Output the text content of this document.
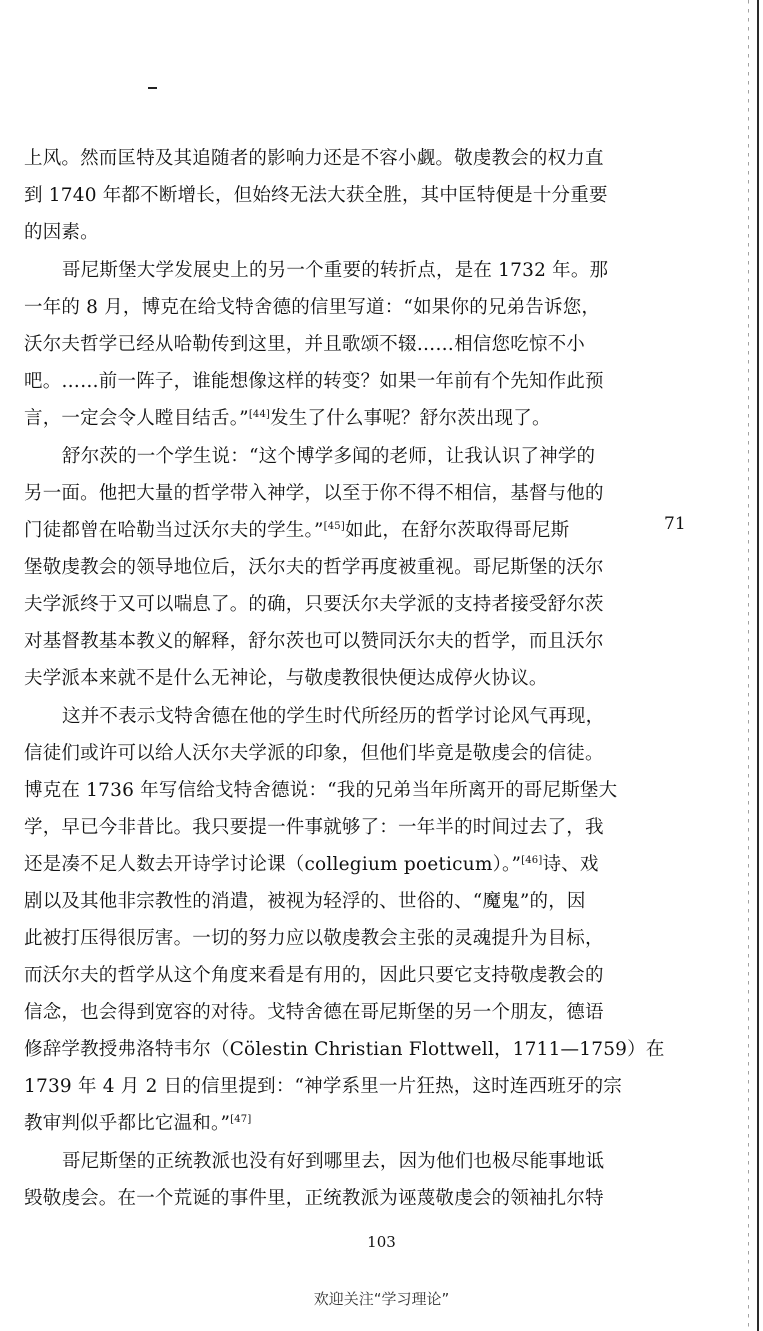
上风。然而匡特及其追随者的影响力还是不容小觑。敬虔教会的权力直
到 1740 年都不断增长，但始终无法大获全胜，其中匡特便是十分重要
的因素。
哥尼斯堡大学发展史上的另一个重要的转折点，是在 1732 年。那
一年的 8 月，博克在给戈特舍德的信里写道：“如果你的兄弟告诉您，
沃尔夫哲学已经从哈勒传到这里，并且歌颂不辍……相信您吃惊不小
吧。……前一阵子，谁能想像这样的转变？如果一年前有个先知作此预
言，一定会令人瞠目结舌。”[44]发生了什么事呢？舒尔茨出现了。
舒尔茨的一个学生说：“这个博学多闻的老师，让我认识了神学的
另一面。他把大量的哲学带入神学，以至于你不得不相信，基督与他的
门徒都曾在哈勒当过沃尔夫的学生。”[45]如此，在舒尔茨取得哥尼斯
堡敬虔教会的领导地位后，沃尔夫的哲学再度被重视。哥尼斯堡的沃尔
夫学派终于又可以喘息了。的确，只要沃尔夫学派的支持者接受舒尔茨
对基督教基本教义的解释，舒尔茨也可以赞同沃尔夫的哲学，而且沃尔
夫学派本来就不是什么无神论，与敬虔教很快便达成停火协议。
这并不表示戈特舍德在他的学生时代所经历的哲学讨论风气再现，
信徒们或许可以给人沃尔夫学派的印象，但他们毕竟是敬虔会的信徒。
博克在 1736 年写信给戈特舍德说：“我的兄弟当年所离开的哥尼斯堡大
学，早已今非昔比。我只要提一件事就够了：一年半的时间过去了，我
还是凑不足人数去开诗学讨论课（collegium poeticum）。”[46]诗、戏
剧以及其他非宗教性的消遣，被视为轻浮的、世俗的、“魔鬼”的，因
此被打压得很厉害。一切的努力应以敬虔教会主张的灵魂提升为目标，
而沃尔夫的哲学从这个角度来看是有用的，因此只要它支持敬虔教会的
信念，也会得到宽容的对待。戈特舍德在哥尼斯堡的另一个朋友，德语
修辞学教授弗洛特韦尔（Cölestin Christian Flottwell，1711—1759）在
1739 年 4 月 2 日的信里提到：“神学系里一片狂热，这时连西班牙的宗
教审判似乎都比它温和。”[47]
哥尼斯堡的正统教派也没有好到哪里去，因为他们也极尽能事地诋
毁敬虔会。在一个荒诞的事件里，正统教派为诬蔑敬虔会的领袖扎尔特
71
103
欢迎关注“学习理论”
